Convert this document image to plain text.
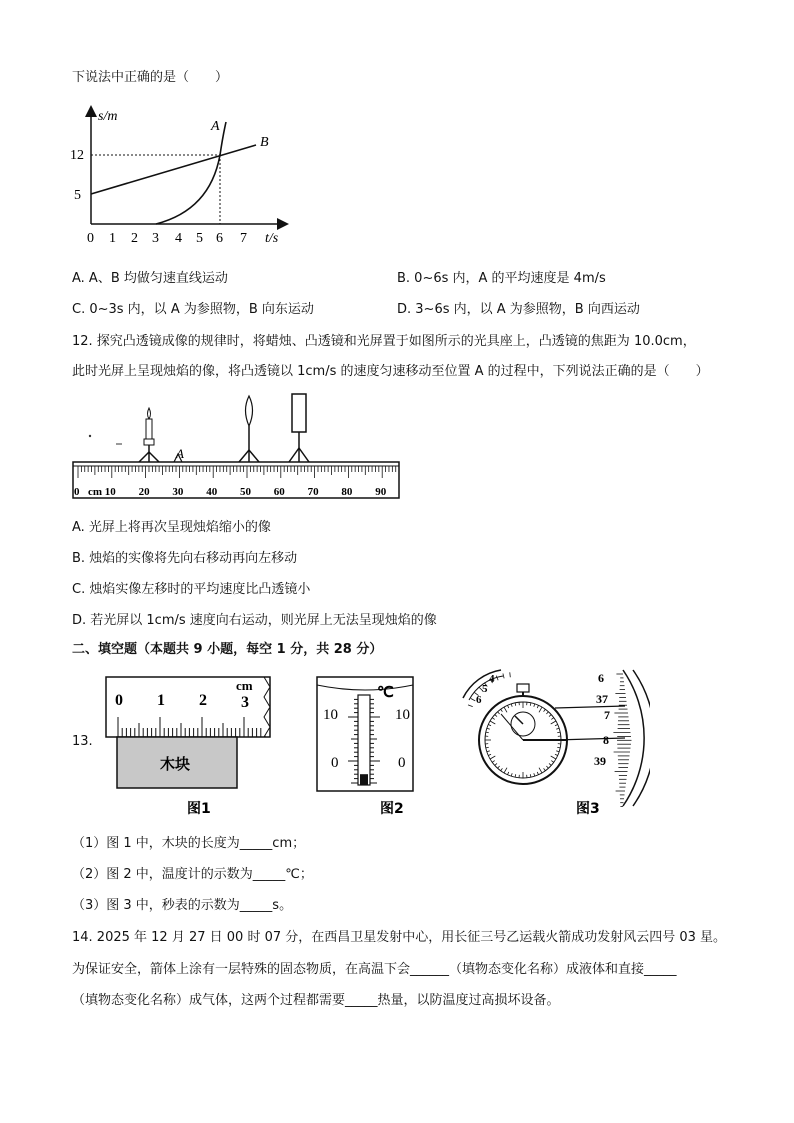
下说法中正确的是（　　）
s/m
t/s
12
5
0 1 2 3 4 5 6 7
B
A
A. A、B 均做匀速直线运动	B. 0~6s 内，A 的平均速度是 4m/s
C. 0~3s 内，以 A 为参照物，B 向东运动	D. 3~6s 内，以 A 为参照物，B 向西运动
12. 探究凸透镜成像的规律时，将蜡烛、凸透镜和光屏置于如图所示的光具座上，凸透镜的焦距为 10.0cm，
此时光屏上呈现烛焰的像，将凸透镜以 1cm/s 的速度匀速移动至位置 A 的过程中，下列说法正确的是（　　）
0 10 20 30 40 50 60 70 80 90
cm
A
A. 光屏上将再次呈现烛焰缩小的像
B. 烛焰的实像将先向右移动再向左移动
C. 烛焰实像左移时的平均速度比凸透镜小
D. 若光屏以 1cm/s 速度向右运动，则光屏上无法呈现烛焰的像
二、填空题（本题共 9 小题，每空 1 分，共 28 分）
13.
0 1 2 3
cm
木块
图1
℃
10
0
10
0
图2
4
5
6
6
37
7
8
39
图3
（1）图 1 中，木块的长度为_____cm；
（2）图 2 中，温度计的示数为_____℃；
（3）图 3 中，秒表的示数为_____s。
14. 2025 年 12 月 27 日 00 时 07 分，在西昌卫星发射中心，用长征三号乙运载火箭成功发射风云四号 03 星。
为保证安全，箭体上涂有一层特殊的固态物质，在高温下会______（填物态变化名称）成液体和直接_____
（填物态变化名称）成气体，这两个过程都需要_____热量，以防温度过高损坏设备。
